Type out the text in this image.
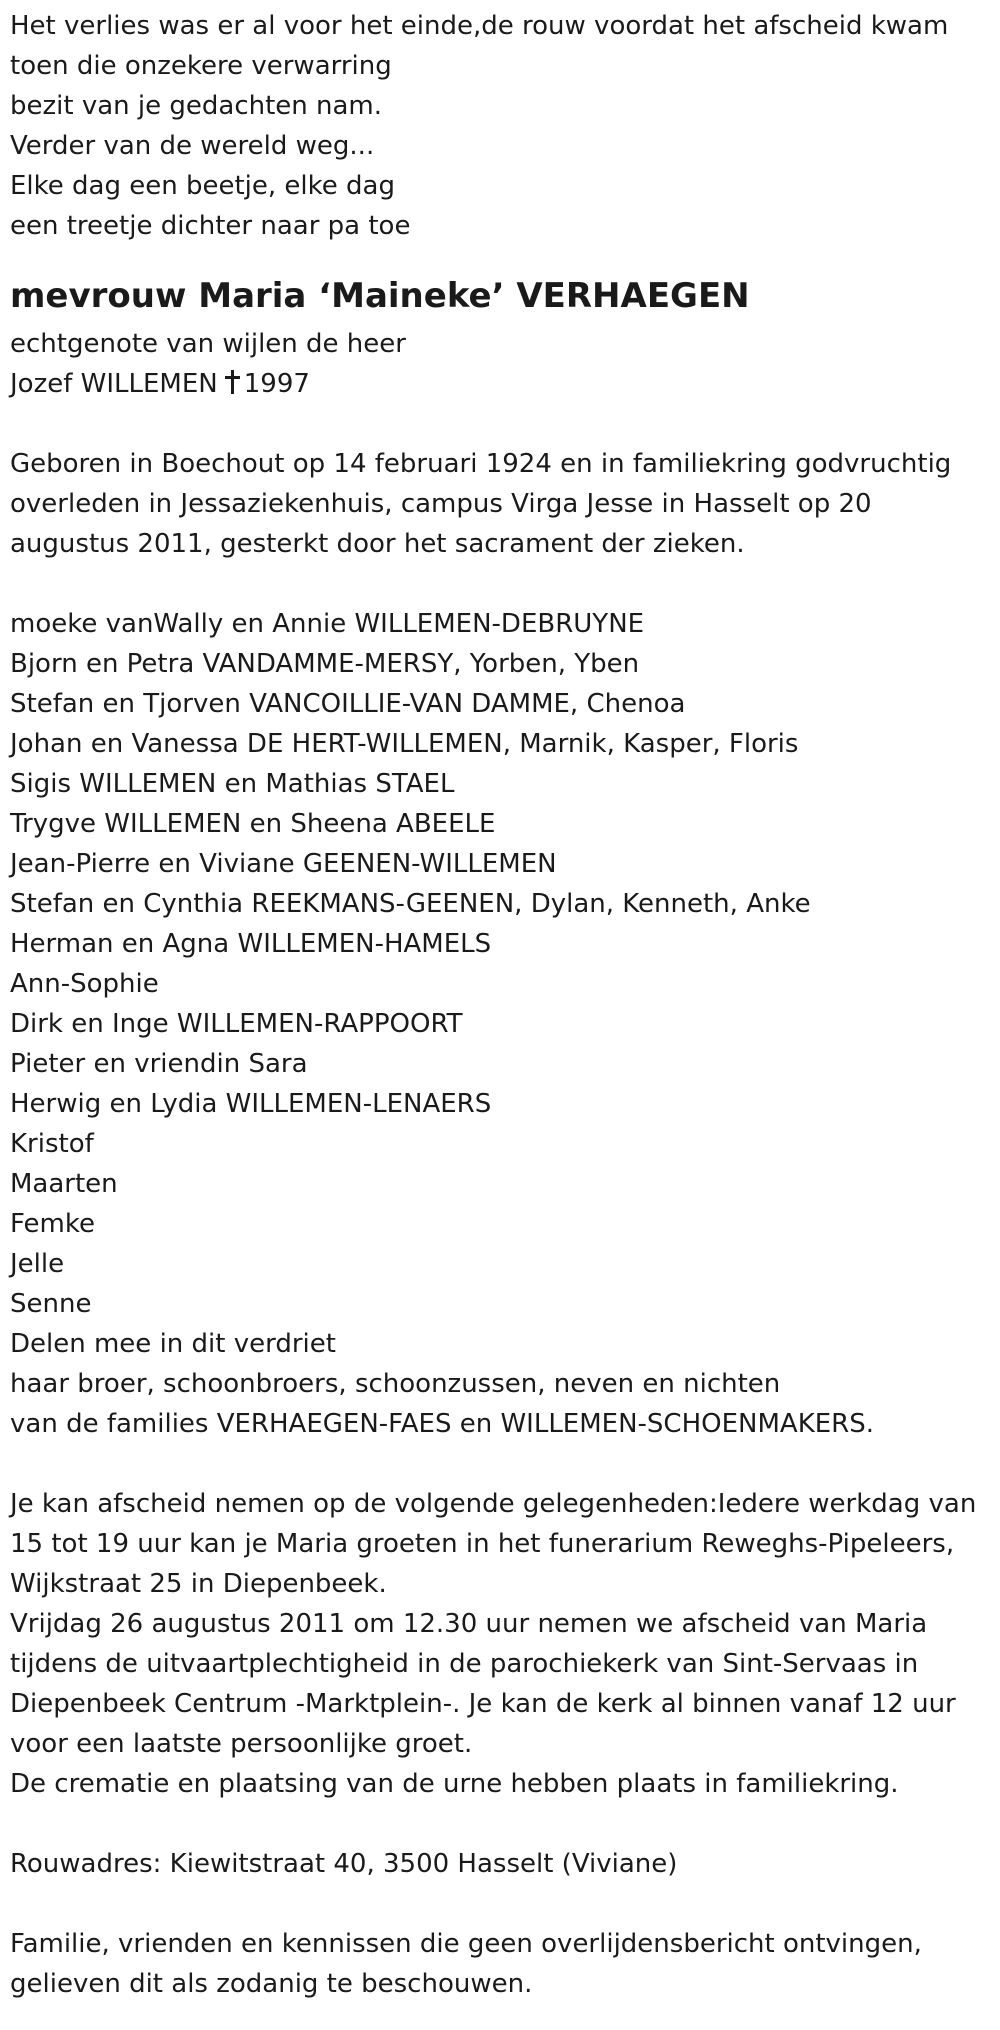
Het verlies was er al voor het einde,de rouw voordat het afscheid kwam

toen die onzekere verwarring

bezit van je gedachten nam.

Verder van de wereld weg...

Elke dag een beetje, elke dag

een treetje dichter naar pa toe

mevrouw Maria ‘Maineke’ VERHAEGEN

echtgenote van wijlen de heer

Jozef WILLEMEN 1997

Geboren in Boechout op 14 februari 1924 en in familiekring godvruchtig

overleden in Jessaziekenhuis, campus Virga Jesse in Hasselt op 20

augustus 2011, gesterkt door het sacrament der zieken.

moeke vanWally en Annie WILLEMEN-DEBRUYNE

Bjorn en Petra VANDAMME-MERSY, Yorben, Yben

Stefan en Tjorven VANCOILLIE-VAN DAMME, Chenoa

Johan en Vanessa DE HERT-WILLEMEN, Marnik, Kasper, Floris

Sigis WILLEMEN en Mathias STAEL

Trygve WILLEMEN en Sheena ABEELE

Jean-Pierre en Viviane GEENEN-WILLEMEN

Stefan en Cynthia REEKMANS-GEENEN, Dylan, Kenneth, Anke

Herman en Agna WILLEMEN-HAMELS

Ann-Sophie

Dirk en Inge WILLEMEN-RAPPOORT

Pieter en vriendin Sara

Herwig en Lydia WILLEMEN-LENAERS

Kristof

Maarten

Femke

Jelle

Senne

Delen mee in dit verdriet

haar broer, schoonbroers, schoonzussen, neven en nichten

van de families VERHAEGEN-FAES en WILLEMEN-SCHOENMAKERS.

Je kan afscheid nemen op de volgende gelegenheden:Iedere werkdag van

15 tot 19 uur kan je Maria groeten in het funerarium Reweghs-Pipeleers,

Wijkstraat 25 in Diepenbeek.

Vrijdag 26 augustus 2011 om 12.30 uur nemen we afscheid van Maria

tijdens de uitvaartplechtigheid in de parochiekerk van Sint-Servaas in

Diepenbeek Centrum -Marktplein-. Je kan de kerk al binnen vanaf 12 uur

voor een laatste persoonlijke groet.

De crematie en plaatsing van de urne hebben plaats in familiekring.

Rouwadres: Kiewitstraat 40, 3500 Hasselt (Viviane)

Familie, vrienden en kennissen die geen overlijdensbericht ontvingen,

gelieven dit als zodanig te beschouwen.
